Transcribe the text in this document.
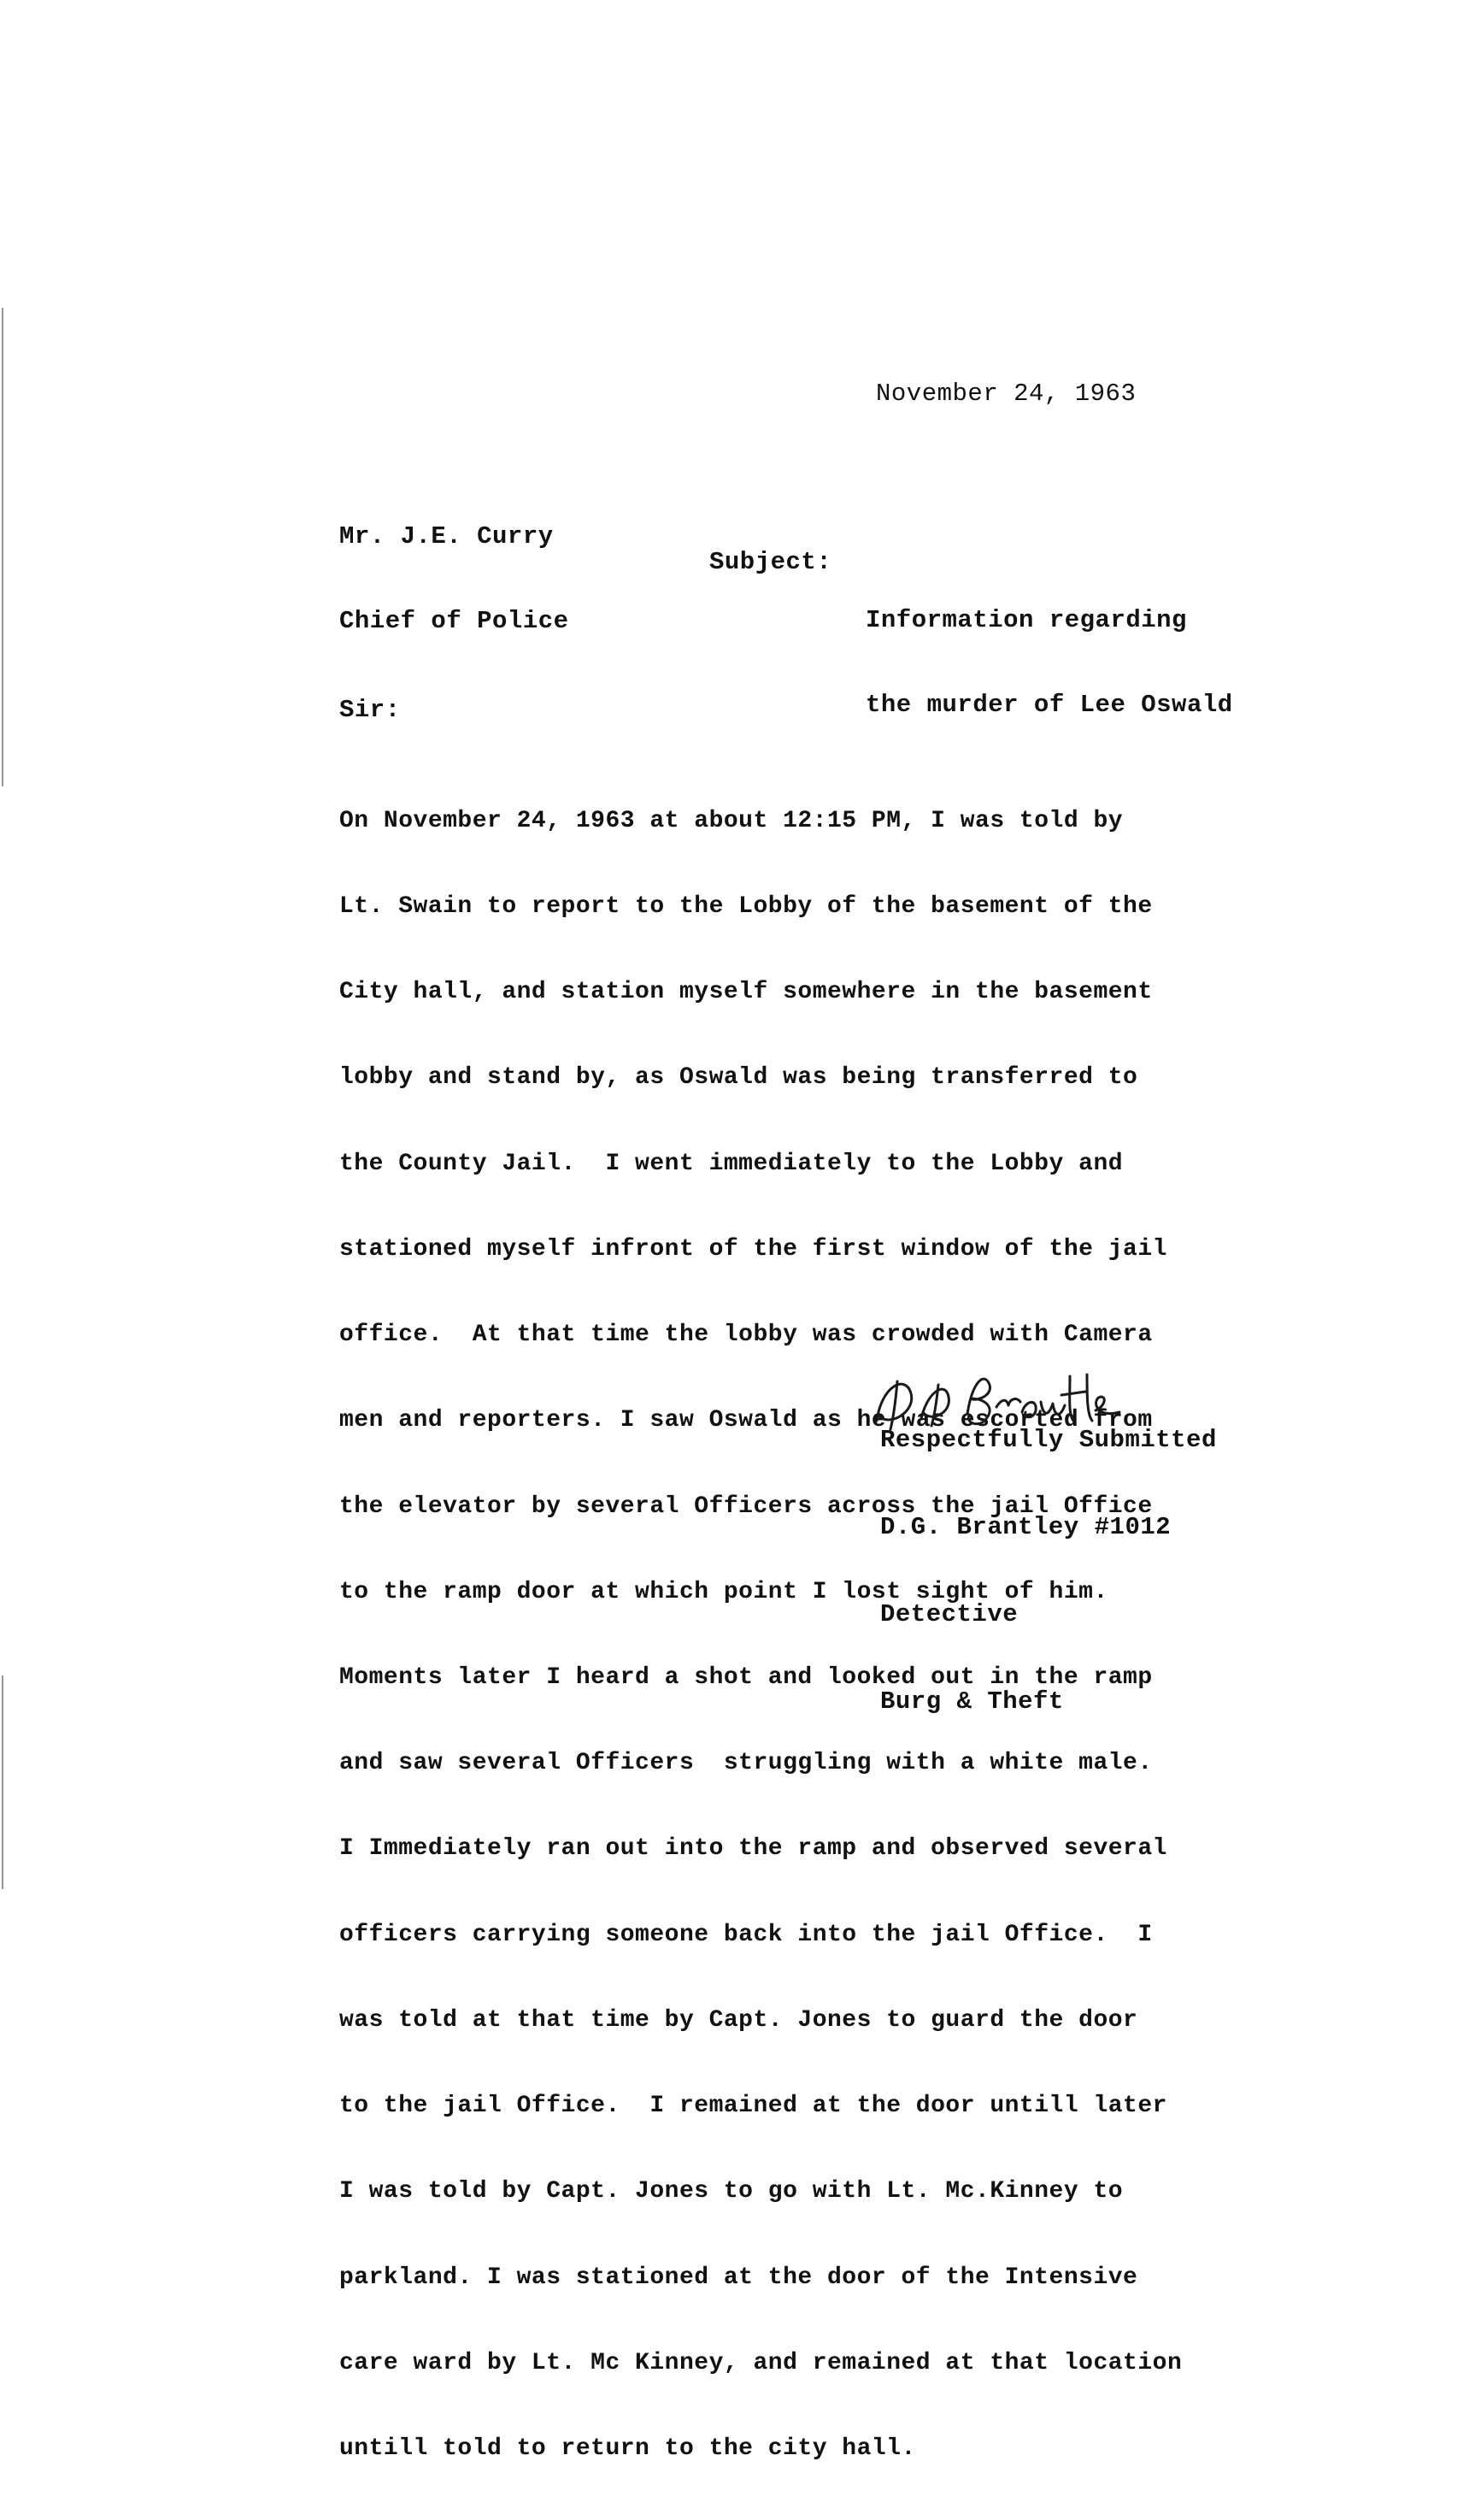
November 24, 1963

Mr. J.E. Curry

Chief of Police

Subject:

Information regarding

the murder of Lee Oswald

Sir:

On November 24, 1963 at about 12:15 PM, I was told by

Lt. Swain to report to the Lobby of the basement of the

City hall, and station myself somewhere in the basement

lobby and stand by, as Oswald was being transferred to

the County Jail.  I went immediately to the Lobby and

stationed myself infront of the first window of the jail

office.  At that time the lobby was crowded with Camera

men and reporters. I saw Oswald as he was escorted from

the elevator by several Officers across the jail Office

to the ramp door at which point I lost sight of him.

Moments later I heard a shot and looked out in the ramp

and saw several Officers  struggling with a white male.

I Immediately ran out into the ramp and observed several

officers carrying someone back into the jail Office.  I

was told at that time by Capt. Jones to guard the door

to the jail Office.  I remained at the door untill later

I was told by Capt. Jones to go with Lt. Mc.Kinney to

parkland. I was stationed at the door of the Intensive

care ward by Lt. Mc Kinney, and remained at that location

untill told to return to the city hall.

Respectfully Submitted

D.G. Brantley #1012

Detective

Burg & Theft
